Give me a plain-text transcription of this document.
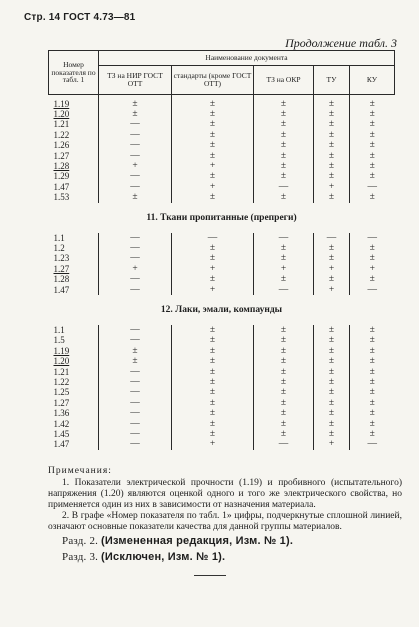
Стр. 14 ГОСТ 4.73—81
Продолжение табл. 3
Номер показателя по табл. 1	Наименование документа				
	ТЗ на НИР ГОСТ ОТТ	стандарты (кроме ГОСТ ОТТ)	ТЗ на ОКР	ТУ	КУ

1.19	±	±	±	±	±
1.20	±	±	±	±	±
1.21	—	±	±	±	±
1.22	—	±	±	±	±
1.26	—	±	±	±	±
1.27	—	±	±	±	±
1.28	+	+	±	±	±
1.29	—	±	±	±	±
1.47	—	+	—	+	—
1.53	±	±	±	±	±
11. Ткани пропитанные (препреги)					
1.1	—	—	—	—	—
1.2	—	±	±	±	±
1.23	—	±	±	±	±
1.27	+	+	+	+	+
1.28	—	±	±	±	±
1.47	—	+	—	+	—
12. Лаки, эмали, компаунды					
1.1	—	±	±	±	±
1.5	—	±	±	±	±
1.19	±	±	±	±	±
1.20	±	±	±	±	±
1.21	—	±	±	±	±
1.22	—	±	±	±	±
1.25	—	±	±	±	±
1.27	—	±	±	±	±
1.36	—	±	±	±	±
1.42	—	±	±	±	±
1.45	—	±	±	±	±
1.47	—	+	—	+	—
Примечания:
1. Показатели электрической прочности (1.19) и пробивного (испытательного) напряжения (1.20) являются оценкой одного и того же электрического свойства, но применяется один из них в зависимости от назначения материала.
2. В графе «Номер показателя по табл. 1» цифры, подчеркнутые сплошной линией, означают основные показатели качества для данной группы материалов.
Разд. 2. (Измененная редакция, Изм. № 1).
Разд. 3. (Исключен, Изм. № 1).
